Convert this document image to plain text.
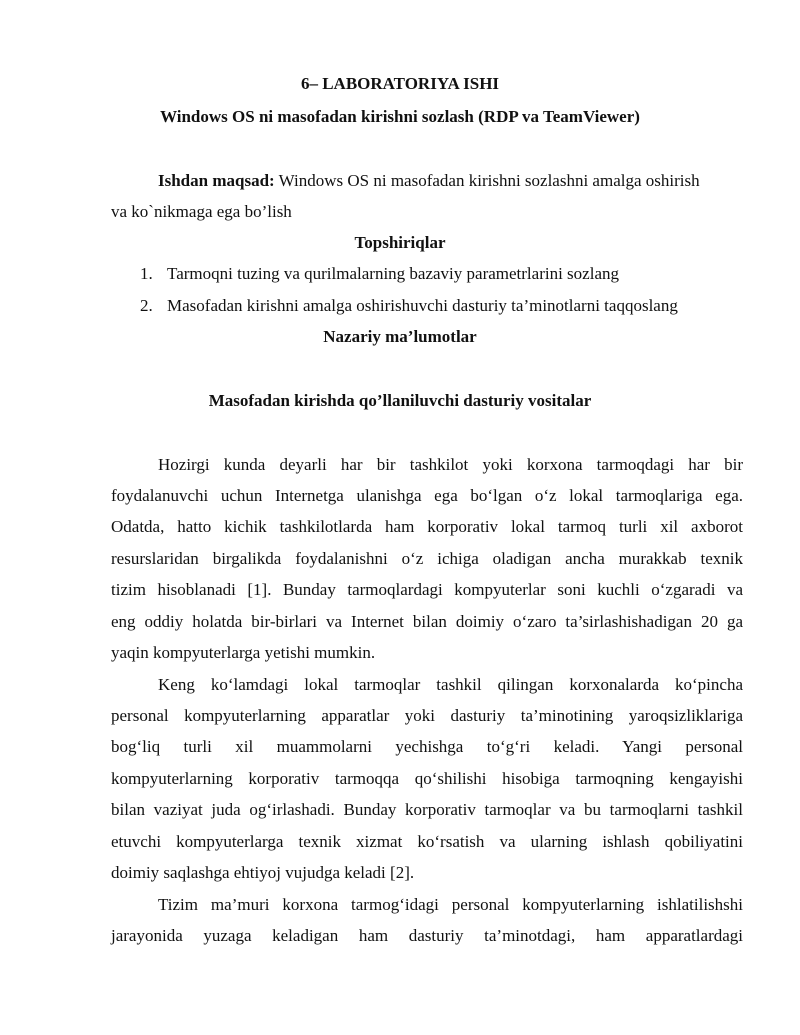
6– LABORATORIYA ISHI
Windows OS ni masofadan kirishni sozlash (RDP va TeamViewer)
Ishdan maqsad: Windows OS ni masofadan kirishni sozlashni amalga oshirish
va ko`nikmaga ega bo’lish
Topshiriqlar
1. Tarmoqni tuzing va qurilmalarning bazaviy parametrlarini sozlang
2. Masofadan kirishni amalga oshirishuvchi dasturiy ta’minotlarni taqqoslang
Nazariy ma’lumotlar
Masofadan kirishda qo’llaniluvchi dasturiy vositalar
Hozirgi kunda deyarli har bir tashkilot yoki korxona tarmoqdagi har bir
foydalanuvchi uchun Internetga ulanishga ega bo‘lgan o‘z lokal tarmoqlariga ega.
Odatda, hatto kichik tashkilotlarda ham korporativ lokal tarmoq turli xil axborot
resurslaridan birgalikda foydalanishni o‘z ichiga oladigan ancha murakkab texnik
tizim hisoblanadi [1]. Bunday tarmoqlardagi kompyuterlar soni kuchli o‘zgaradi va
eng oddiy holatda bir-birlari va Internet bilan doimiy o‘zaro ta’sirlashishadigan 20 ga
yaqin kompyuterlarga yetishi mumkin.
Keng ko‘lamdagi lokal tarmoqlar tashkil qilingan korxonalarda ko‘pincha
personal kompyuterlarning apparatlar yoki dasturiy ta’minotining yaroqsizliklariga
bog‘liq turli xil muammolarni yechishga to‘g‘ri keladi. Yangi personal
kompyuterlarning korporativ tarmoqqa qo‘shilishi hisobiga tarmoqning kengayishi
bilan vaziyat juda og‘irlashadi. Bunday korporativ tarmoqlar va bu tarmoqlarni tashkil
etuvchi kompyuterlarga texnik xizmat ko‘rsatish va ularning ishlash qobiliyatini
doimiy saqlashga ehtiyoj vujudga keladi [2].
Tizim ma’muri korxona tarmog‘idagi personal kompyuterlarning ishlatilishshi
jarayonida yuzaga keladigan ham dasturiy ta’minotdagi, ham apparatlardagi
